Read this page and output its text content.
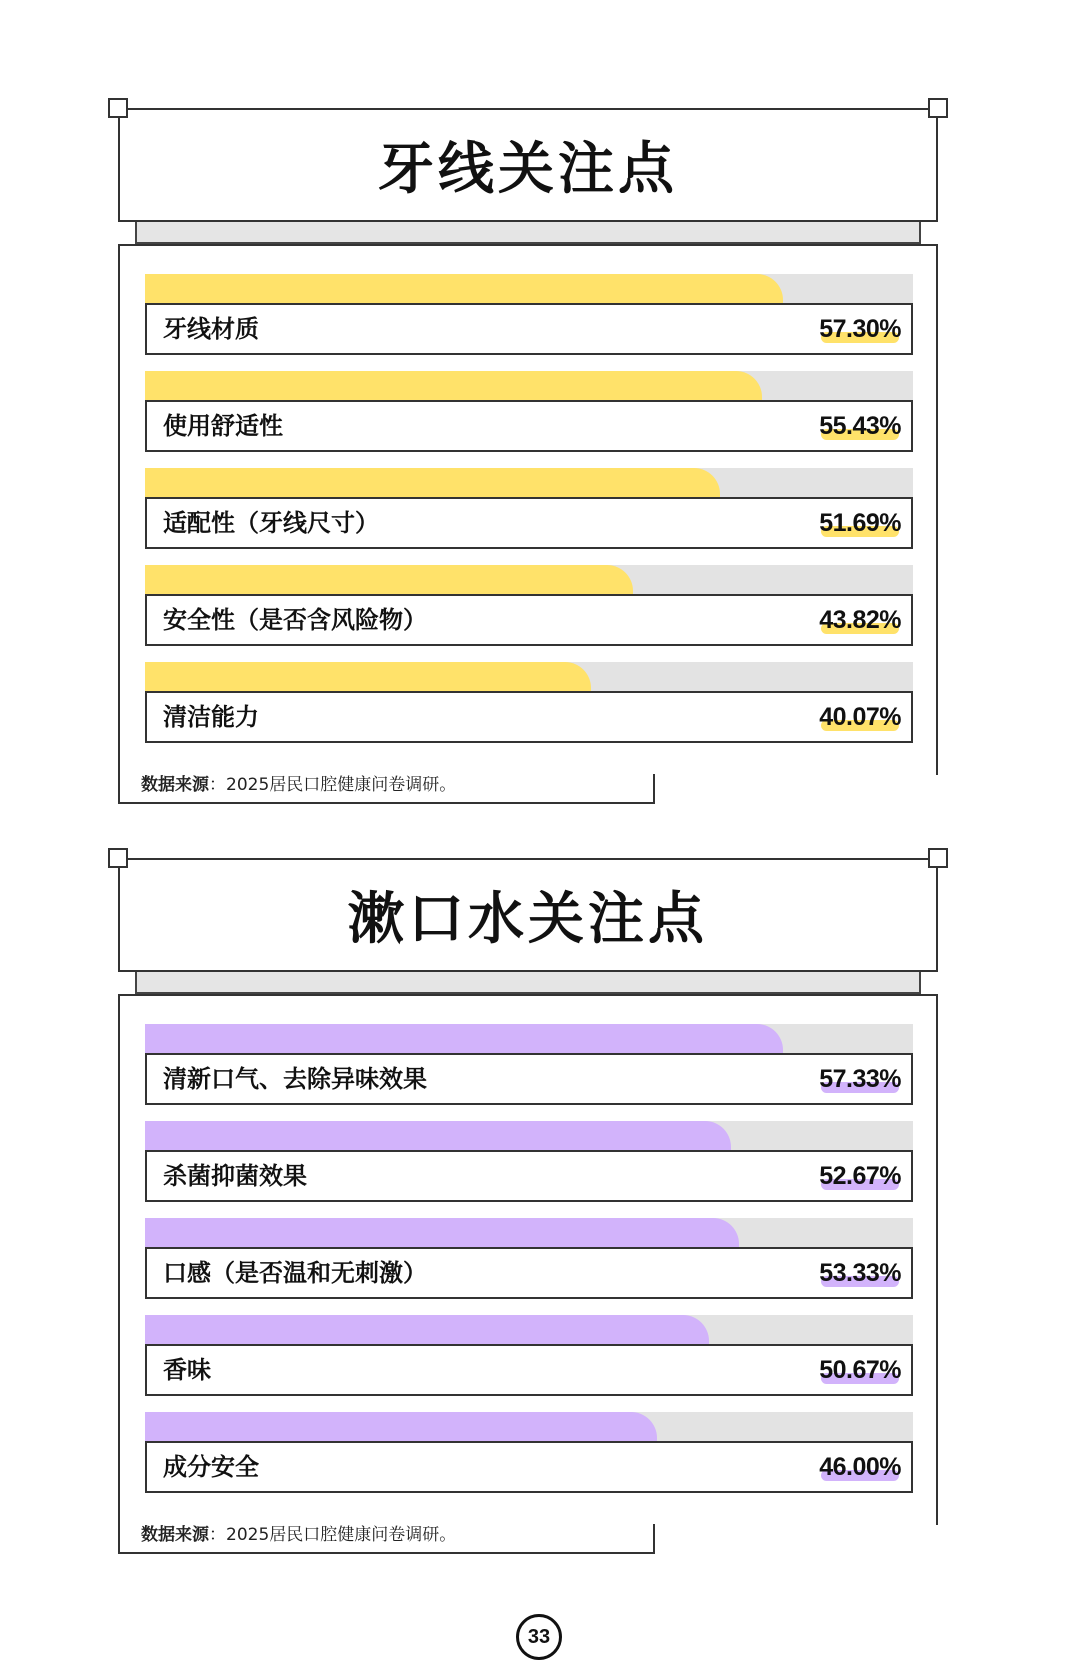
牙线关注点
牙线材质	57.30%
使用舒适性	55.43%
适配性（牙线尺寸）	51.69%
安全性（是否含风险物）	43.82%
清洁能力	40.07%
数据来源：2025居民口腔健康问卷调研。
漱口水关注点
清新口气、去除异味效果	57.33%
杀菌抑菌效果	52.67%
口感（是否温和无刺激）	53.33%
香味	50.67%
成分安全	46.00%
数据来源：2025居民口腔健康问卷调研。
33
